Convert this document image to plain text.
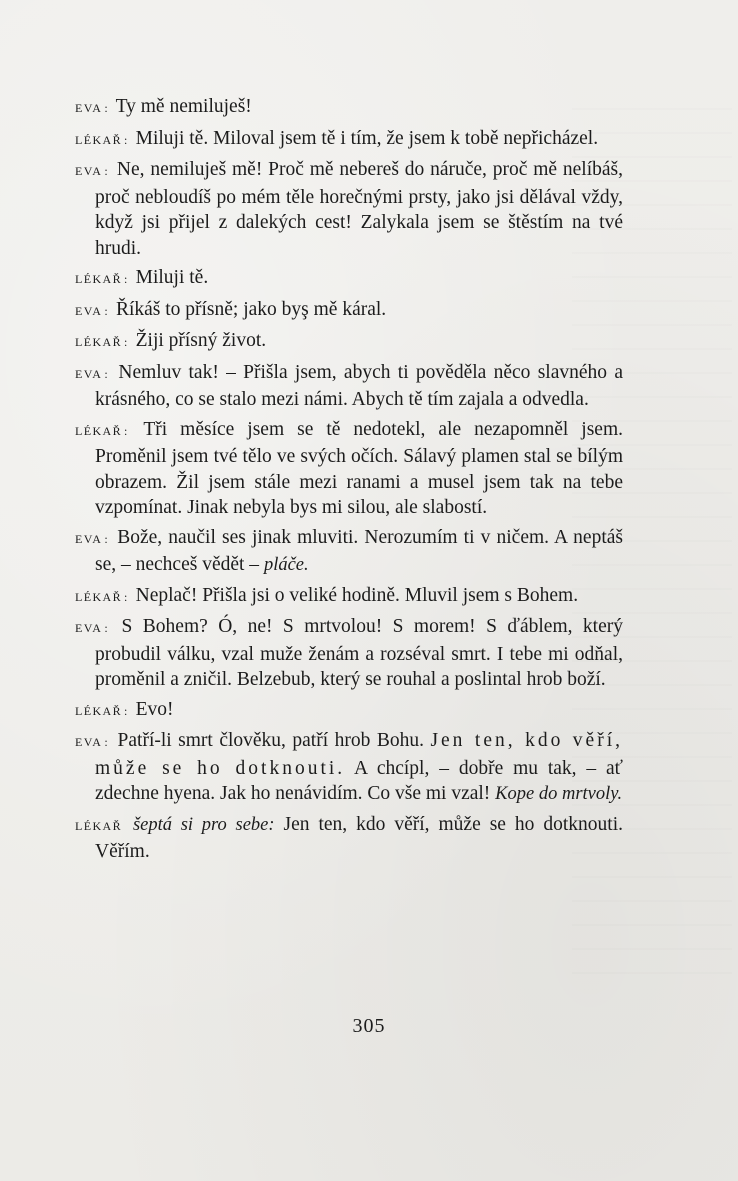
EVA : Ty mě nemiluješ!

LÉKAŘ : Miluji tě. Miloval jsem tě i tím, že jsem k tobě nepřicházel.

EVA : Ne, nemiluješ mě! Proč mě nebereš do náruče, proč mě nelíbáš, proč nebloudíš po mém těle horečnými prsty, jako jsi dělával vždy, když jsi přijel z dalekých cest! Zalykala jsem se štěstím na tvé hrudi.

LÉKAŘ : Miluji tě.

EVA : Říkáš to přísně; jako byş mě káral.

LÉKAŘ : Žiji přísný život.

EVA : Nemluv tak! – Přišla jsem, abych ti pověděla něco slavného a krásného, co se stalo mezi námi. Abych tě tím zajala a odvedla.

LÉKAŘ : Tři měsíce jsem se tě nedotekl, ale nezapomněl jsem. Proměnil jsem tvé tělo ve svých očích. Sálavý plamen stal se bílým obrazem. Žil jsem stále mezi ranami a musel jsem tak na tebe vzpomínat. Jinak nebyla bys mi silou, ale slabostí.

EVA : Bože, naučil ses jinak mluviti. Nerozumím ti v ničem. A neptáš se, – nechceš vědět – pláče.

LÉKAŘ : Neplač! Přišla jsi o veliké hodině. Mluvil jsem s Bohem.

EVA : S Bohem? Ó, ne! S mrtvolou! S morem! S ďáblem, který probudil válku, vzal muže ženám a rozséval smrt. I tebe mi odňal, proměnil a zničil. Belzebub, který se rouhal a poslintal hrob boží.

LÉKAŘ : Evo!

EVA : Patří-li smrt člověku, patří hrob Bohu. Jen ten, kdo věří, může se ho dotknouti. A chcípl, – dobře mu tak, – ať zdechne hyena. Jak ho nenávidím. Co vše mi vzal! Kope do mrtvoly.

LÉKAŘ šeptá si pro sebe: Jen ten, kdo věří, může se ho dotknouti. Věřím.

305
